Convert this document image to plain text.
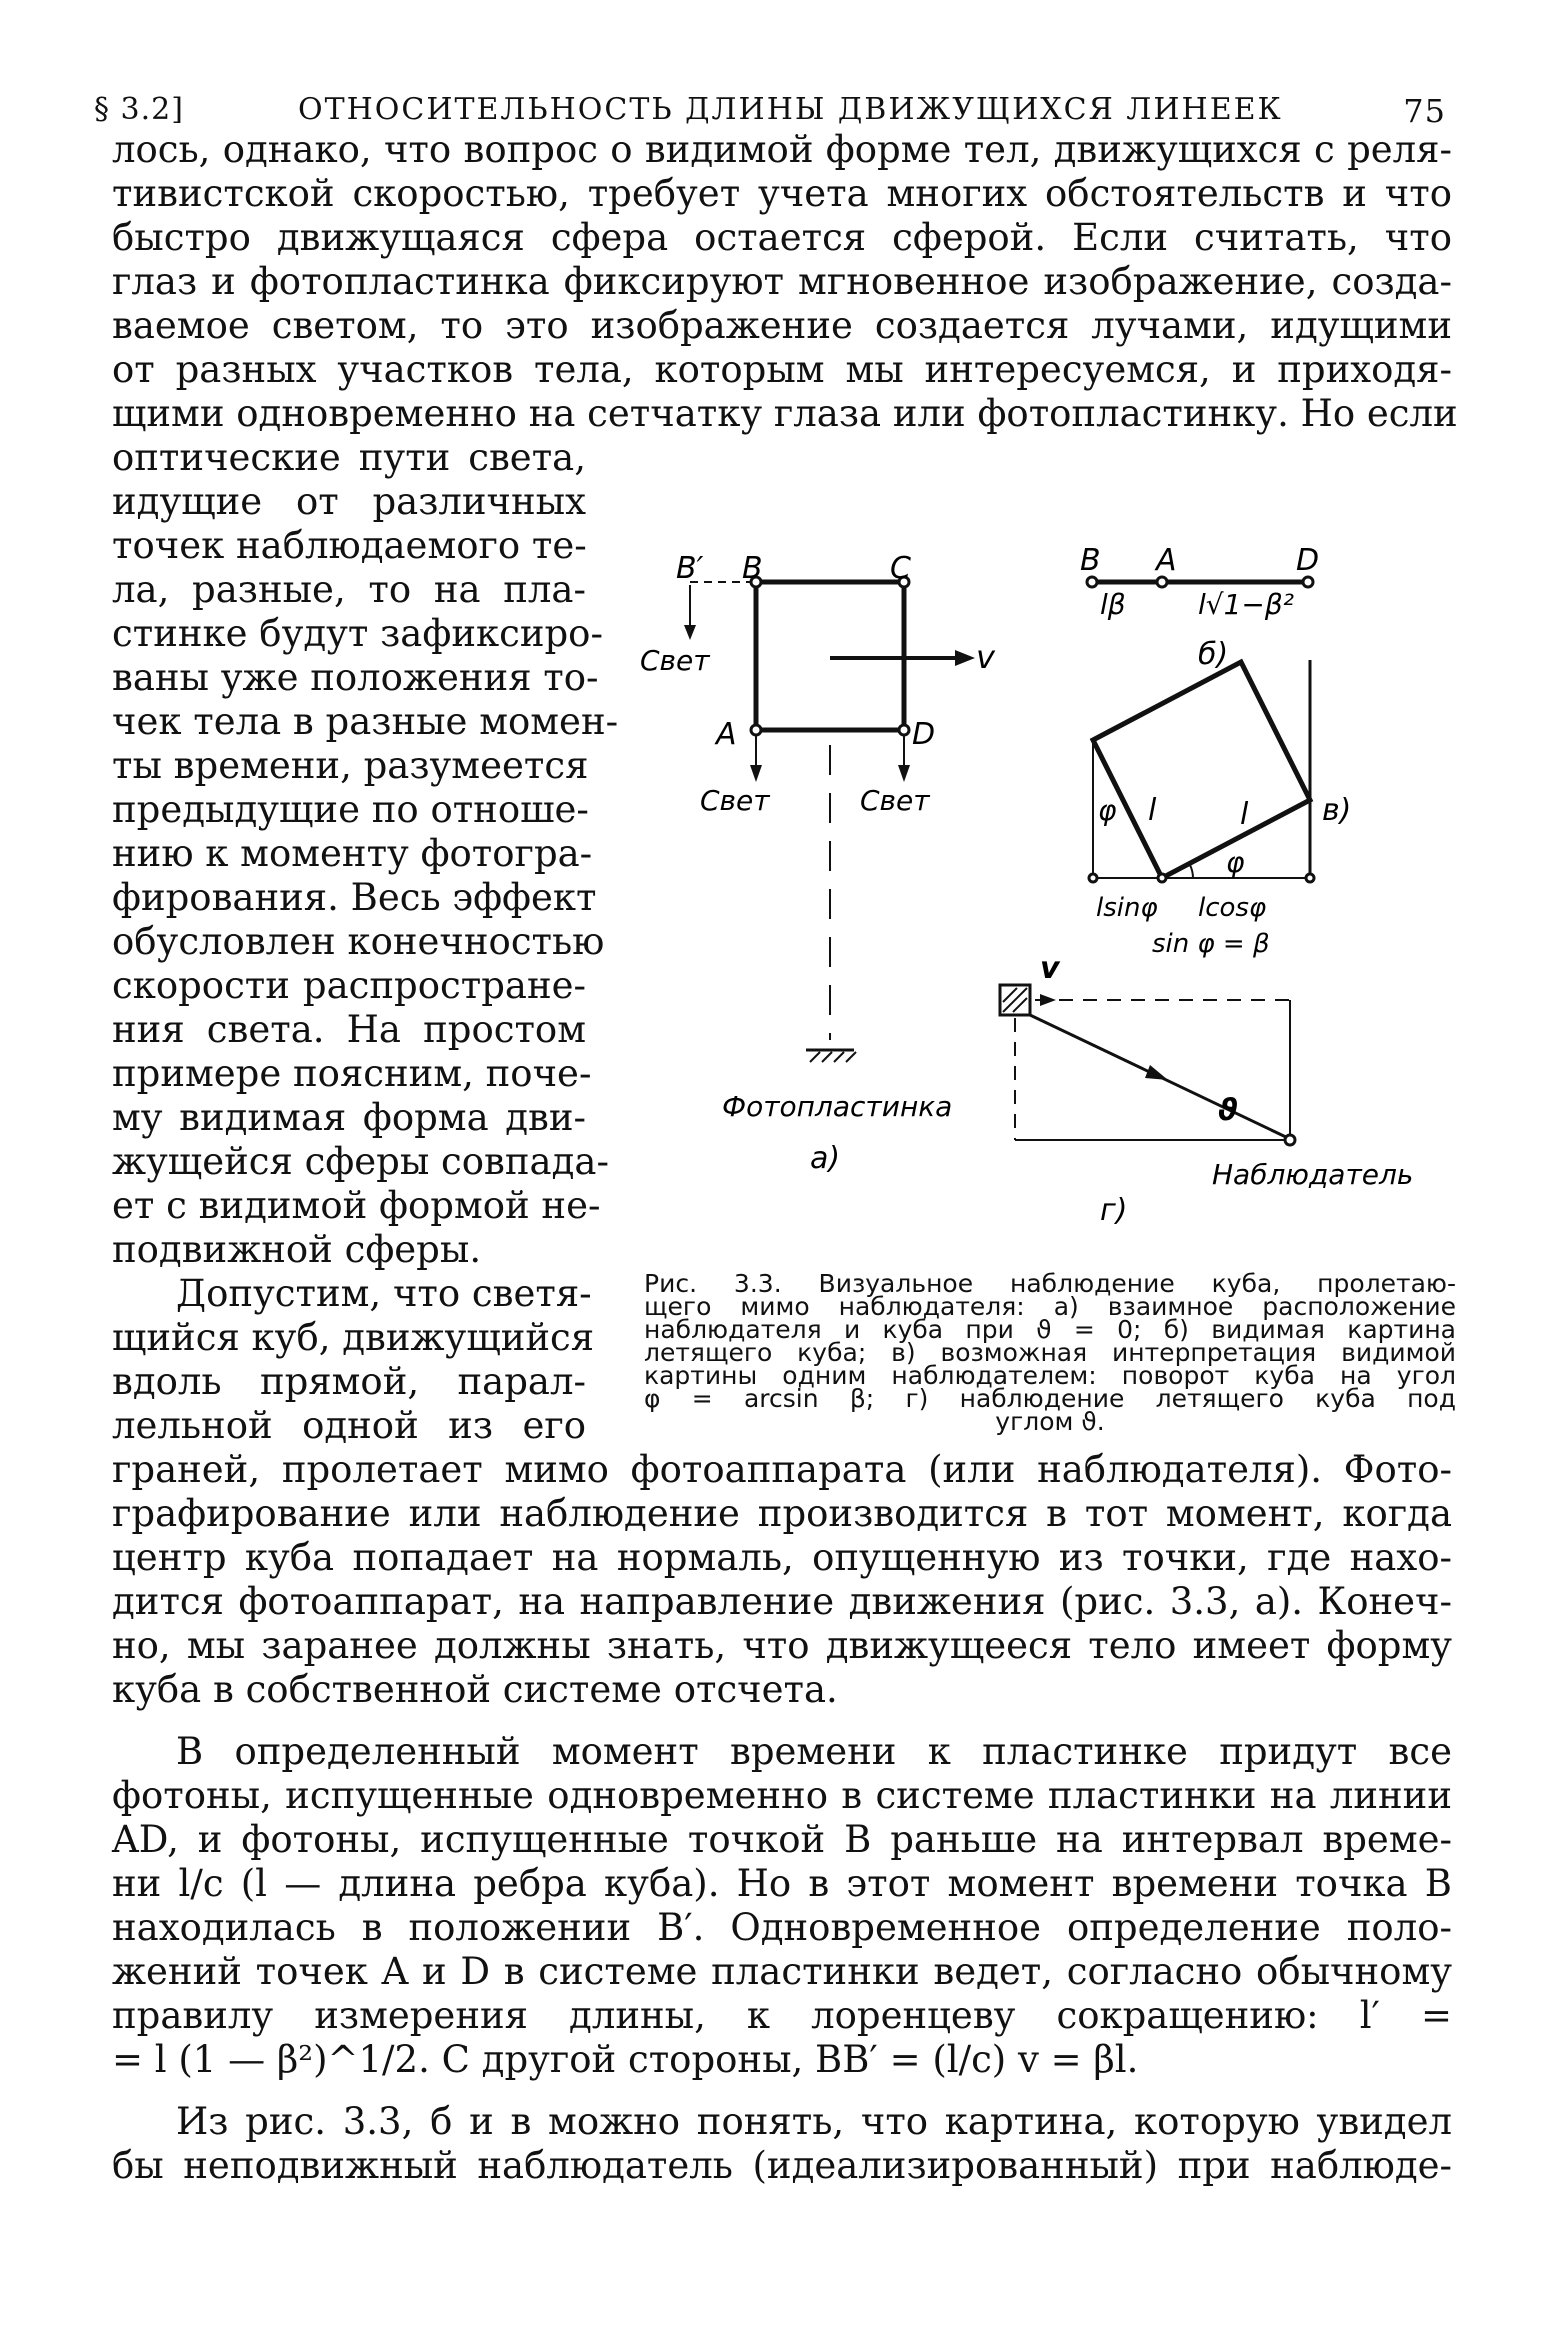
§ 3.2]	ОТНОСИТЕЛЬНОСТЬ ДЛИНЫ ДВИЖУЩИХСЯ ЛИНЕЕК	75
лось, однако, что вопрос о видимой форме тел, движущихся с реля-
тивистской скоростью, требует учета многих обстоятельств и что
быстро движущаяся сфера остается сферой. Если считать, что
глаз и фотопластинка фиксируют мгновенное изображение, созда-
ваемое светом, то это изображение создается лучами, идущими
от разных участков тела, которым мы интересуемся, и приходя-
щими одновременно на сетчатку глаза или фотопластинку. Но если
оптические пути света,
идущие от различных
точек наблюдаемого те-
ла, разные, то на пла-
стинке будут зафиксиро-
ваны уже положения то-
чек тела в разные момен-
ты времени, разумеется
предыдущие по отноше-
нию к моменту фотогра-
фирования. Весь эффект
обусловлен конечностью
скорости распростране-
ния света. На простом
примере поясним, поче-
му видимая форма дви-
жущейся сферы совпада-
ет с видимой формой не-
подвижной сферы.
Допустим, что светя-
щийся куб, движущийся
вдоль прямой, парал-
лельной одной из его
граней, пролетает мимо фотоаппарата (или наблюдателя). Фото-
графирование или наблюдение производится в тот момент, когда
центр куба попадает на нормаль, опущенную из точки, где нахо-
дится фотоаппарат, на направление движения (рис. 3.3, а). Конеч-
но, мы заранее должны знать, что движущееся тело имеет форму
куба в собственной системе отсчета.
В определенный момент времени к пластинке придут все
фотоны, испущенные одновременно в системе пластинки на линии
AD, и фотоны, испущенные точкой B раньше на интервал време-
ни l/c (l — длина ребра куба). Но в этот момент времени точка B
находилась в положении B′. Одновременное определение поло-
жений точек A и D в системе пластинки ведет, согласно обычному
правилу измерения длины, к лоренцеву сокращению: l′ =
= l (1 — β²)^1/2. С другой стороны, BB′ = (l/c) v = βl.
Из рис. 3.3, б и в можно понять, что картина, которую увидел
бы неподвижный наблюдатель (идеализированный) при наблюде-
Рис. 3.3. Визуальное наблюдение куба, пролетаю-
щего мимо наблюдателя: а) взаимное расположение
наблюдателя и куба при ϑ = 0; б) видимая картина
летящего куба; в) возможная интерпретация видимой
картины одним наблюдателем: поворот куба на угол
φ = arcsin β; г) наблюдение летящего куба под
углом ϑ.
B′ B	C
A	D
Свет
Свет	Свет
v
Фотопластинка
а)
B A	D
lβ	l√1−β²
б)
φ l	l
φ
в)
lsinφ lcosφ
sin φ = β
v
ϑ
Наблюдатель
г)
